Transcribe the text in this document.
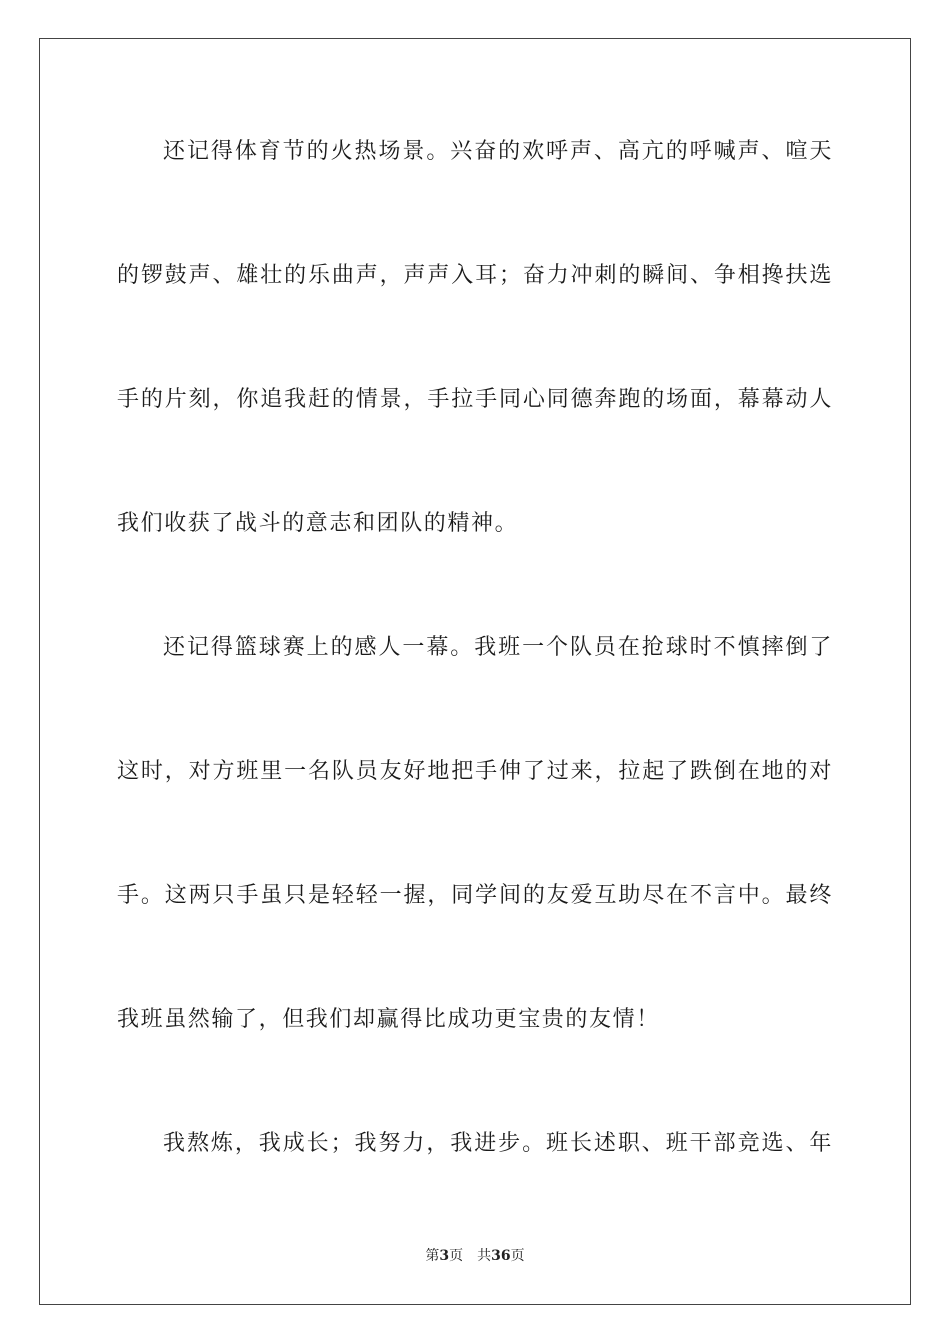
还记得体育节的火热场景。兴奋的欢呼声、高亢的呼喊声、喧天
的锣鼓声、雄壮的乐曲声，声声入耳；奋力冲刺的瞬间、争相搀扶选
手的片刻，你追我赶的情景，手拉手同心同德奔跑的场面，幕幕动人
我们收获了战斗的意志和团队的精神。
还记得篮球赛上的感人一幕。我班一个队员在抢球时不慎摔倒了
这时，对方班里一名队员友好地把手伸了过来，拉起了跌倒在地的对
手。这两只手虽只是轻轻一握，同学间的友爱互助尽在不言中。最终
我班虽然输了，但我们却赢得比成功更宝贵的友情！
我熬炼，我成长；我努力，我进步。班长述职、班干部竞选、年
第3页 共36页
